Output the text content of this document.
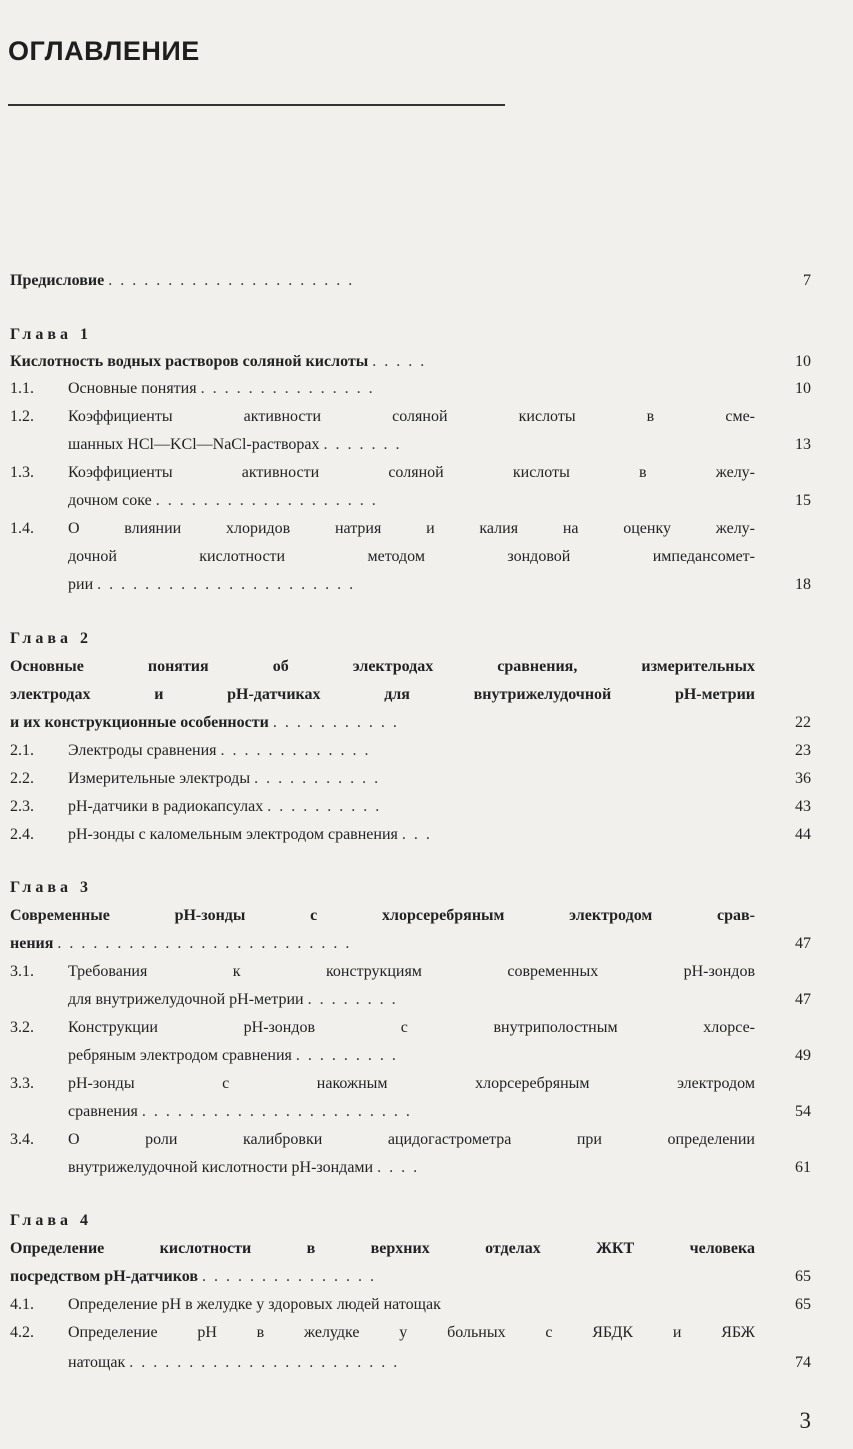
ОГЛАВЛЕНИЕ
Предисловие .....................	7
Глава 1
Кислотность водных растворов соляной кислоты .....	10
1.1.	Основные понятия ...............	10
1.2.	Коэффициенты активности соляной кислоты в сме-
шанных HCl—KCl—NaCl-растворах .......	13
1.3.	Коэффициенты активности соляной кислоты в желу-
дочном соке ...................	15
1.4.	О влиянии хлоридов натрия и калия на оценку желу-
дочной кислотности методом зондовой импедансомет-
рии ......................	18
Глава 2
Основные понятия об электродах сравнения, измерительных
электродах и pH-датчиках для внутрижелудочной pH-метрии
и их конструкционные особенности ...........	22
2.1.	Электроды сравнения .............	23
2.2.	Измерительные электроды ...........	36
2.3.	pH-датчики в радиокапсулах ..........	43
2.4.	pH-зонды с каломельным электродом сравнения ...	44
Глава 3
Современные pH-зонды с хлорсеребряным электродом срав-
нения .........................	47
3.1.	Требования к конструкциям современных pH-зондов
для внутрижелудочной pH-метрии ........	47
3.2.	Конструкции pH-зондов с внутриполостным хлорсе-
ребряным электродом сравнения .........	49
3.3.	pH-зонды с накожным хлорсеребряным электродом
сравнения .......................	54
3.4.	О роли калибровки ацидогастрометра при определении
внутрижелудочной кислотности pH-зондами ....	61
Глава 4
Определение кислотности в верхних отделах ЖКТ человека
посредством pH-датчиков ...............	65
4.1.	Определение pH в желудке у здоровых людей натощак	65
4.2.	Определение pH в желудке у больных с ЯБДК и ЯБЖ
натощак .......................	74
3
